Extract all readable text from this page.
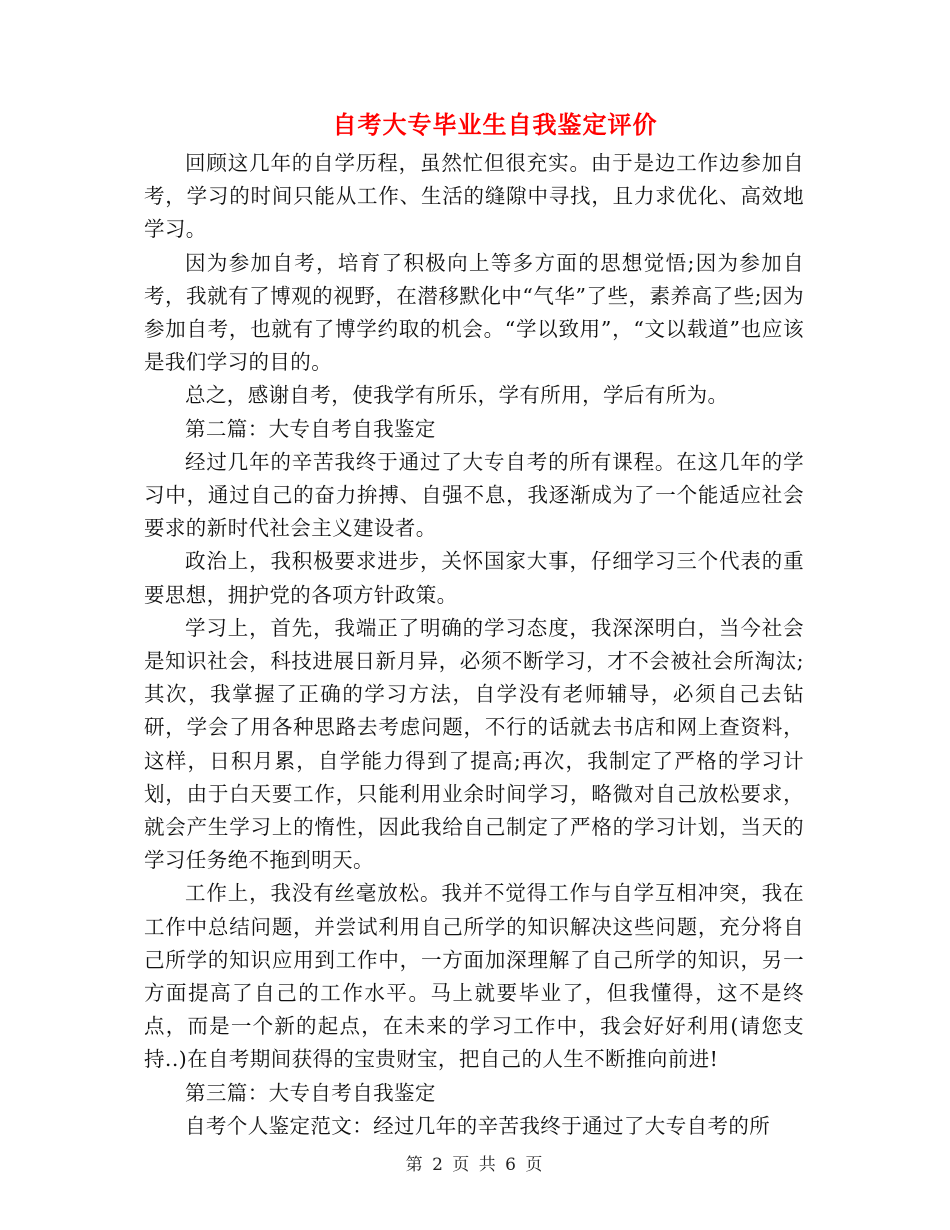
自考大专毕业生自我鉴定评价

回顾这几年的自学历程，虽然忙但很充实。由于是边工作边参加自考，学习的时间只能从工作、生活的缝隙中寻找，且力求优化、高效地学习。

因为参加自考，培育了积极向上等多方面的思想觉悟;因为参加自考，我就有了博观的视野，在潜移默化中“气华”了些，素养高了些;因为参加自考，也就有了博学约取的机会。“学以致用”，“文以载道”也应该是我们学习的目的。

总之，感谢自考，使我学有所乐，学有所用，学后有所为。

第二篇：大专自考自我鉴定

经过几年的辛苦我终于通过了大专自考的所有课程。在这几年的学习中，通过自己的奋力拚搏、自强不息，我逐渐成为了一个能适应社会要求的新时代社会主义建设者。

政治上，我积极要求进步，关怀国家大事，仔细学习三个代表的重要思想，拥护党的各项方针政策。

学习上，首先，我端正了明确的学习态度，我深深明白，当今社会是知识社会，科技进展日新月异，必须不断学习，才不会被社会所淘汰;其次，我掌握了正确的学习方法，自学没有老师辅导，必须自己去钻研，学会了用各种思路去考虑问题，不行的话就去书店和网上查资料，这样，日积月累，自学能力得到了提高;再次，我制定了严格的学习计划，由于白天要工作，只能利用业余时间学习，略微对自己放松要求，就会产生学习上的惰性，因此我给自己制定了严格的学习计划，当天的学习任务绝不拖到明天。

工作上，我没有丝毫放松。我并不觉得工作与自学互相冲突，我在工作中总结问题，并尝试利用自己所学的知识解决这些问题，充分将自己所学的知识应用到工作中，一方面加深理解了自己所学的知识，另一方面提高了自己的工作水平。马上就要毕业了，但我懂得，这不是终点，而是一个新的起点，在未来的学习工作中，我会好好利用(请您支持..)在自考期间获得的宝贵财宝，把自己的人生不断推向前进!

第三篇：大专自考自我鉴定

自考个人鉴定范文：经过几年的辛苦我终于通过了大专自考的所

第 2 页 共 6 页
